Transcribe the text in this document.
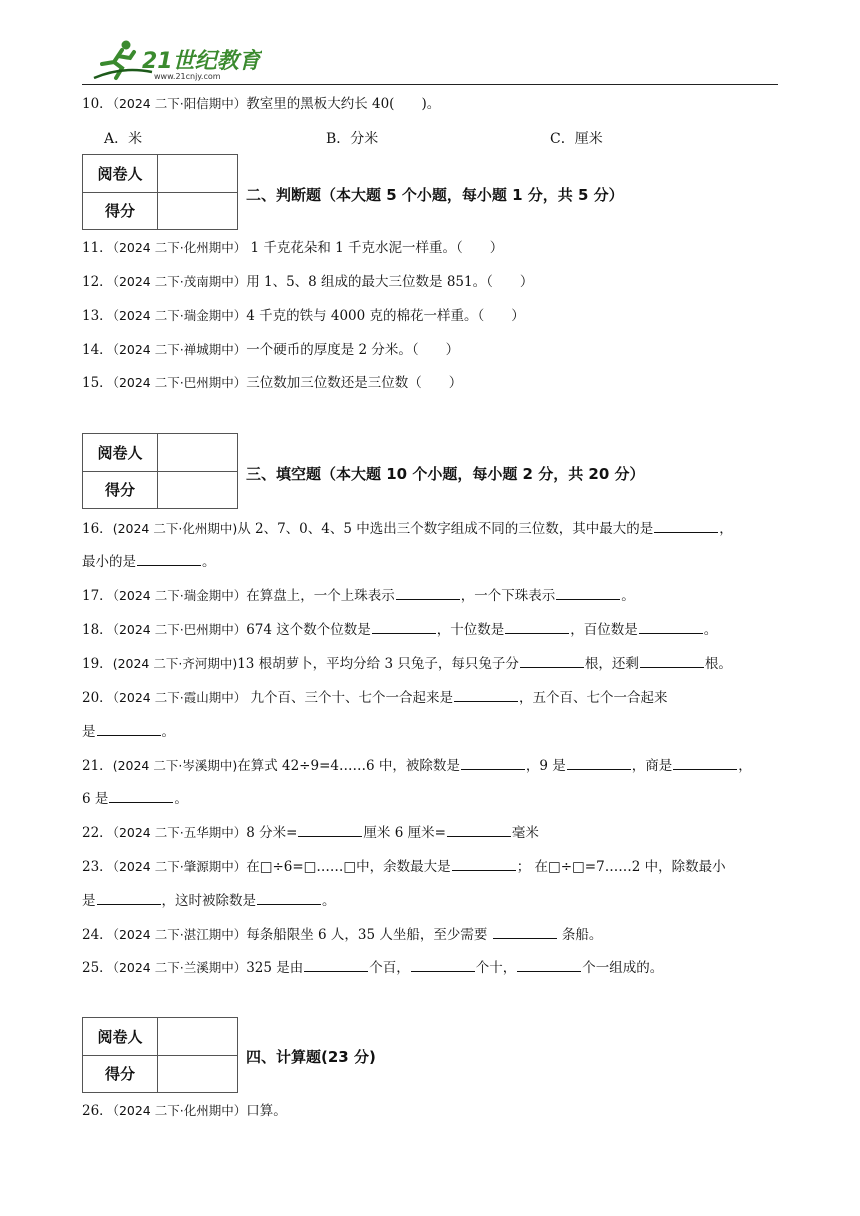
21世纪教育
www.21cnjy.com
10．（2024 二下·阳信期中）教室里的黑板大约长 40(　　)。
A．米	B．分米	C．厘米
阅卷人	
得分	
二、判断题（本大题 5 个小题，每小题 1 分，共 5 分）
11．（2024 二下·化州期中） 1 千克花朵和 1 千克水泥一样重。（　　）
12．（2024 二下·茂南期中）用 1、5、8 组成的最大三位数是 851。（　　）
13．（2024 二下·瑞金期中）4 千克的铁与 4000 克的棉花一样重。（　　）
14．（2024 二下·禅城期中）一个硬币的厚度是 2 分米。（　　）
15．（2024 二下·巴州期中）三位数加三位数还是三位数（　　）
阅卷人	
得分	
三、填空题（本大题 10 个小题，每小题 2 分，共 20 分）
16．(2024 二下·化州期中)从 2、7、0、4、5 中选出三个数字组成不同的三位数，其中最大的是	，
最小的是	。
17．（2024 二下·瑞金期中）在算盘上，一个上珠表示	，一个下珠表示	。
18．（2024 二下·巴州期中）674 这个数个位数是	，十位数是	，百位数是	。
19．(2024 二下·齐河期中)13 根胡萝卜，平均分给 3 只兔子，每只兔子分	根，还剩	根。
20．（2024 二下·霞山期中） 九个百、三个十、七个一合起来是	，五个百、七个一合起来
是	。
21．(2024 二下·岑溪期中)在算式 42÷9=4……6 中，被除数是	，9 是	，商是	，
6 是	。
22．（2024 二下·五华期中）8 分米=	厘米 6 厘米=	毫米
23．（2024 二下·肇源期中）在□÷6=□……□中，余数最大是	； 在□÷□=7……2 中，除数最小
是	，这时被除数是	。
24．（2024 二下·湛江期中）每条船限坐 6 人，35 人坐船，至少需要	条船。
25．（2024 二下·兰溪期中）325 是由	个百，	个十，	个一组成的。
阅卷人	
得分	
四、计算题(23 分)
26．（2024 二下·化州期中）口算。
